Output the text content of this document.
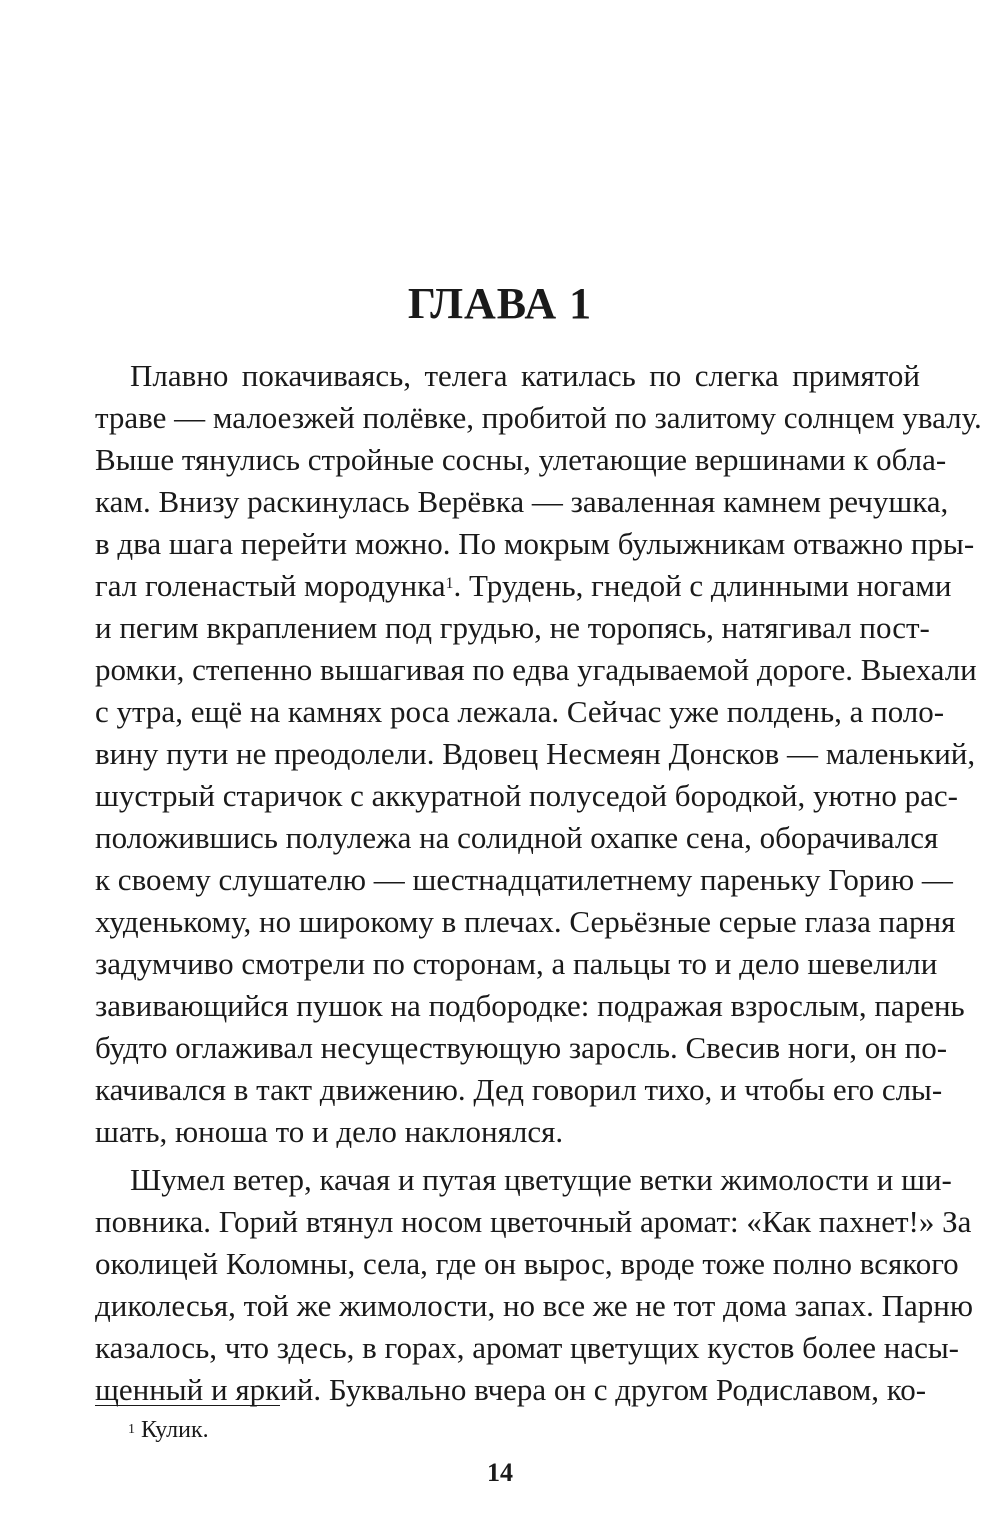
ГЛАВА 1
Плавно покачиваясь, телега катилась по слегка примятой
траве — малоезжей полёвке, пробитой по залитому солнцем увалу.
Выше тянулись стройные сосны, улетающие вершинами к обла-
кам. Внизу раскинулась Верёвка — заваленная камнем речушка,
в два шага перейти можно. По мокрым булыжникам отважно пры-
гал голенастый мородунка$^1$. Трудень, гнедой с длинными ногами
и пегим вкраплением под грудью, не торопясь, натягивал пост-
ромки, степенно вышагивая по едва угадываемой дороге. Выехали
с утра, ещё на камнях роса лежала. Сейчас уже полдень, а поло-
вину пути не преодолели. Вдовец Несмеян Донсков — маленький,
шустрый старичок с аккуратной полуседой бородкой, уютно рас-
положившись полулежа на солидной охапке сена, оборачивался
к своему слушателю — шестнадцатилетнему пареньку Горию —
худенькому, но широкому в плечах. Серьёзные серые глаза парня
задумчиво смотрели по сторонам, а пальцы то и дело шевелили
завивающийся пушок на подбородке: подражая взрослым, парень
будто оглаживал несуществующую заросль. Свесив ноги, он по-
качивался в такт движению. Дед говорил тихо, и чтобы его слы-
шать, юноша то и дело наклонялся.
Шумел ветер, качая и путая цветущие ветки жимолости и ши-
повника. Горий втянул носом цветочный аромат: «Как пахнет!» За
околицей Коломны, села, где он вырос, вроде тоже полно всякого
диколесья, той же жимолости, но все же не тот дома запах. Парню
казалось, что здесь, в горах, аромат цветущих кустов более насы-
щенный и яркий. Буквально вчера он с другом Родиславом, ко-
$^1$ Кулик.
14
